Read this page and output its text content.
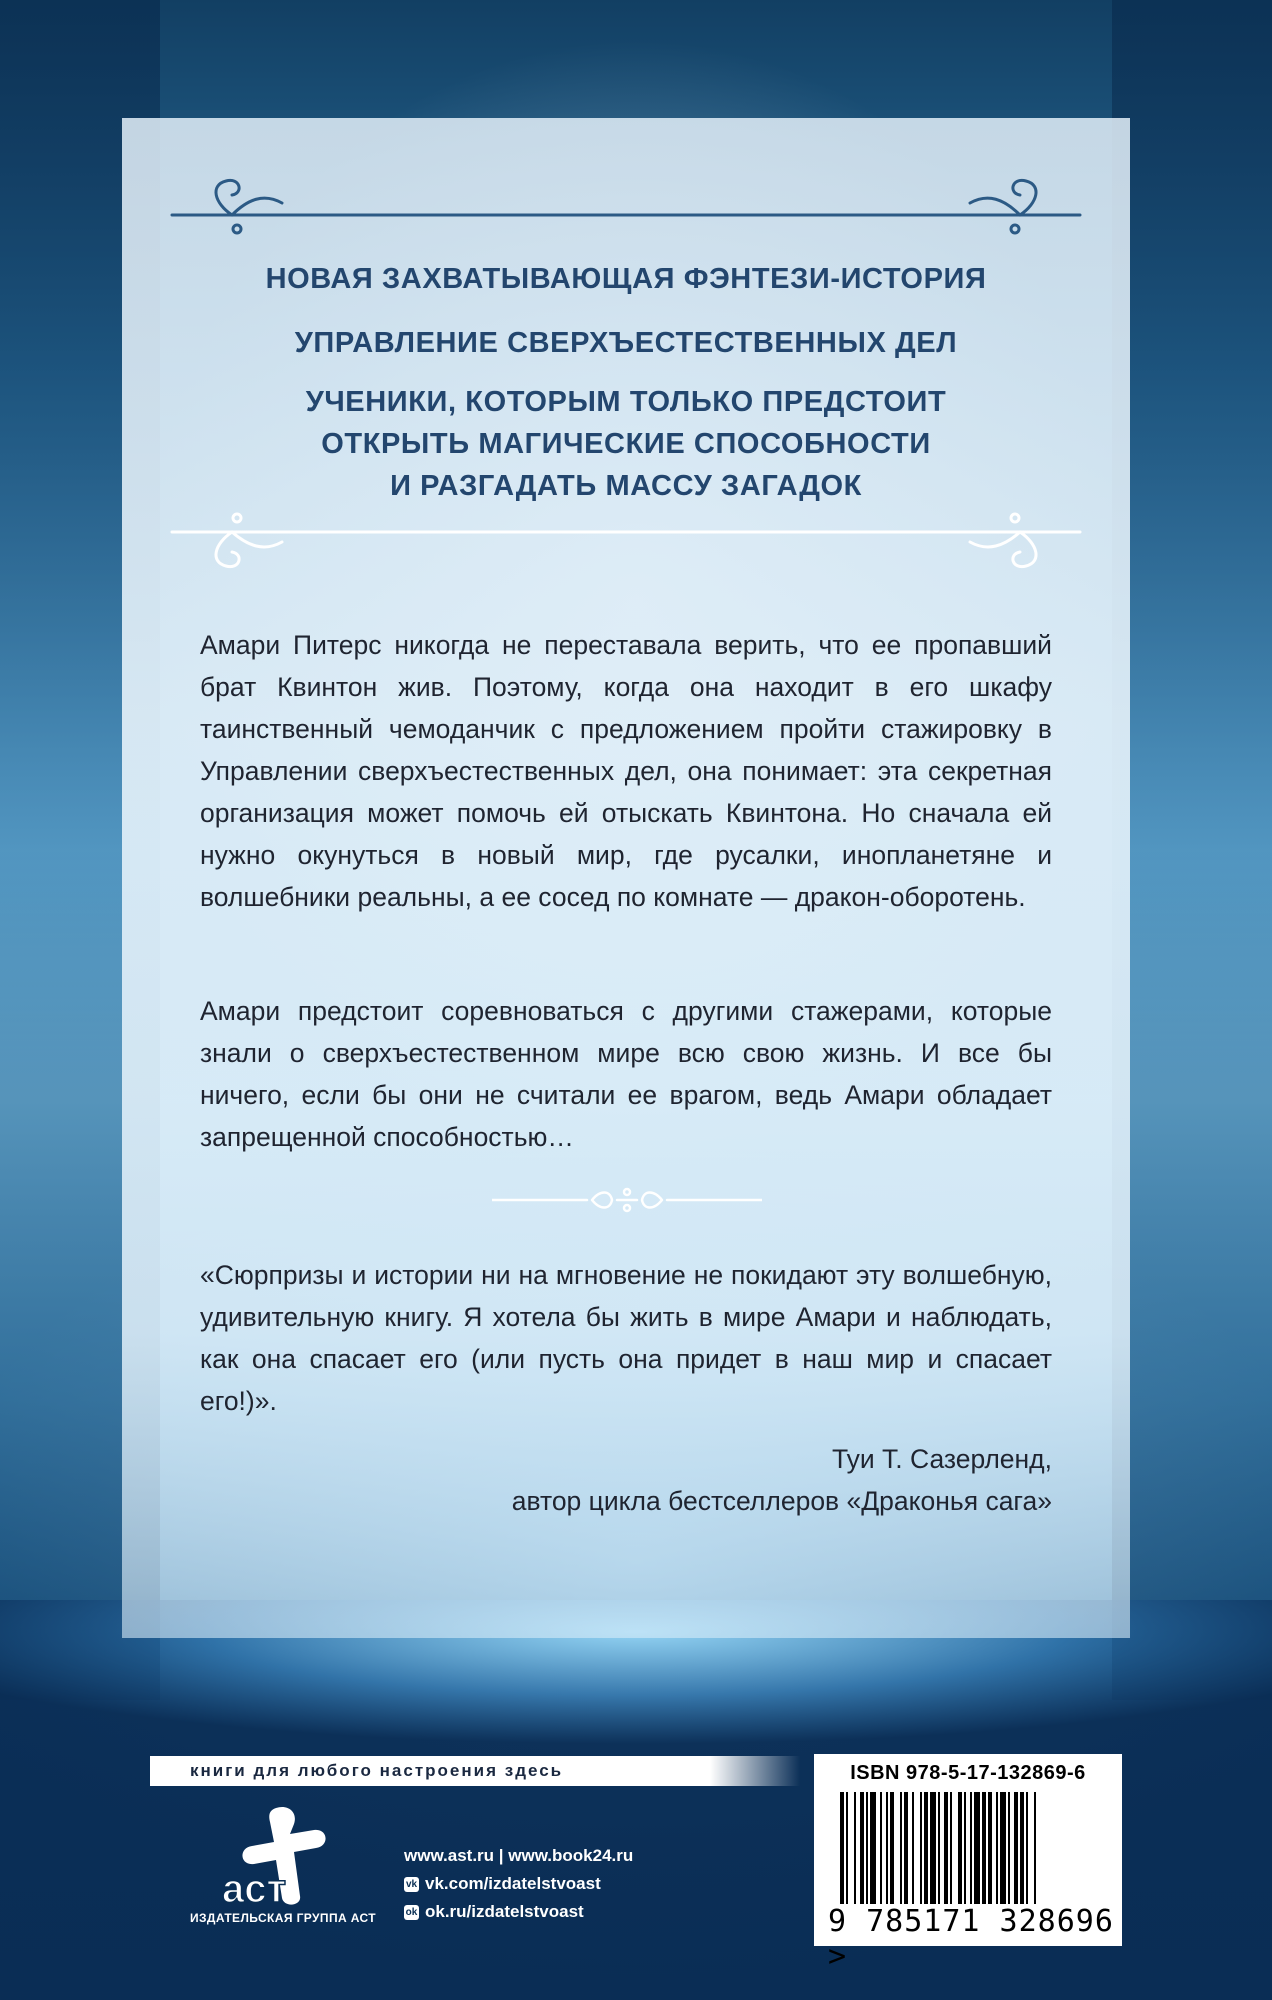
НОВАЯ ЗАХВАТЫВАЮЩАЯ ФЭНТЕЗИ-ИСТОРИЯ
УПРАВЛЕНИЕ СВЕРХЪЕСТЕСТВЕННЫХ ДЕЛ
УЧЕНИКИ, КОТОРЫМ ТОЛЬКО ПРЕДСТОИТ
ОТКРЫТЬ МАГИЧЕСКИЕ СПОСОБНОСТИ
И РАЗГАДАТЬ МАССУ ЗАГАДОК

Амари Питерс никогда не переставала верить, что ее пропавший брат Квинтон жив. Поэтому, когда она находит в его шкафу таинственный чемоданчик с предложением пройти стажировку в Управлении сверхъестественных дел, она понимает: эта секретная организация может помочь ей отыскать Квинтона. Но сначала ей нужно окунуться в новый мир, где русалки, инопланетяне и волшебники реальны, а ее сосед по комнате — дракон-оборотень.

Амари предстоит соревноваться с другими стажерами, которые знали о сверхъестественном мире всю свою жизнь. И все бы ничего, если бы они не считали ее врагом, ведь Амари обладает запрещенной способностью…

«Сюрпризы и истории ни на мгновение не покидают эту волшебную, удивительную книгу. Я хотела бы жить в мире Амари и наблюдать, как она спасает его (или пусть она придет в наш мир и спасает его!)».
Туи Т. Сазерленд,
автор цикла бестселлеров «Драконья сага»
книги для любого настроения здесь
аст
ИЗДАТЕЛЬСКАЯ ГРУППА АСТ
www.ast.ru | www.book24.ru
vk vk.com/izdatelstvoast
ok ok.ru/izdatelstvoast
ISBN 978-5-17-132869-6
9 785171 328696 >
